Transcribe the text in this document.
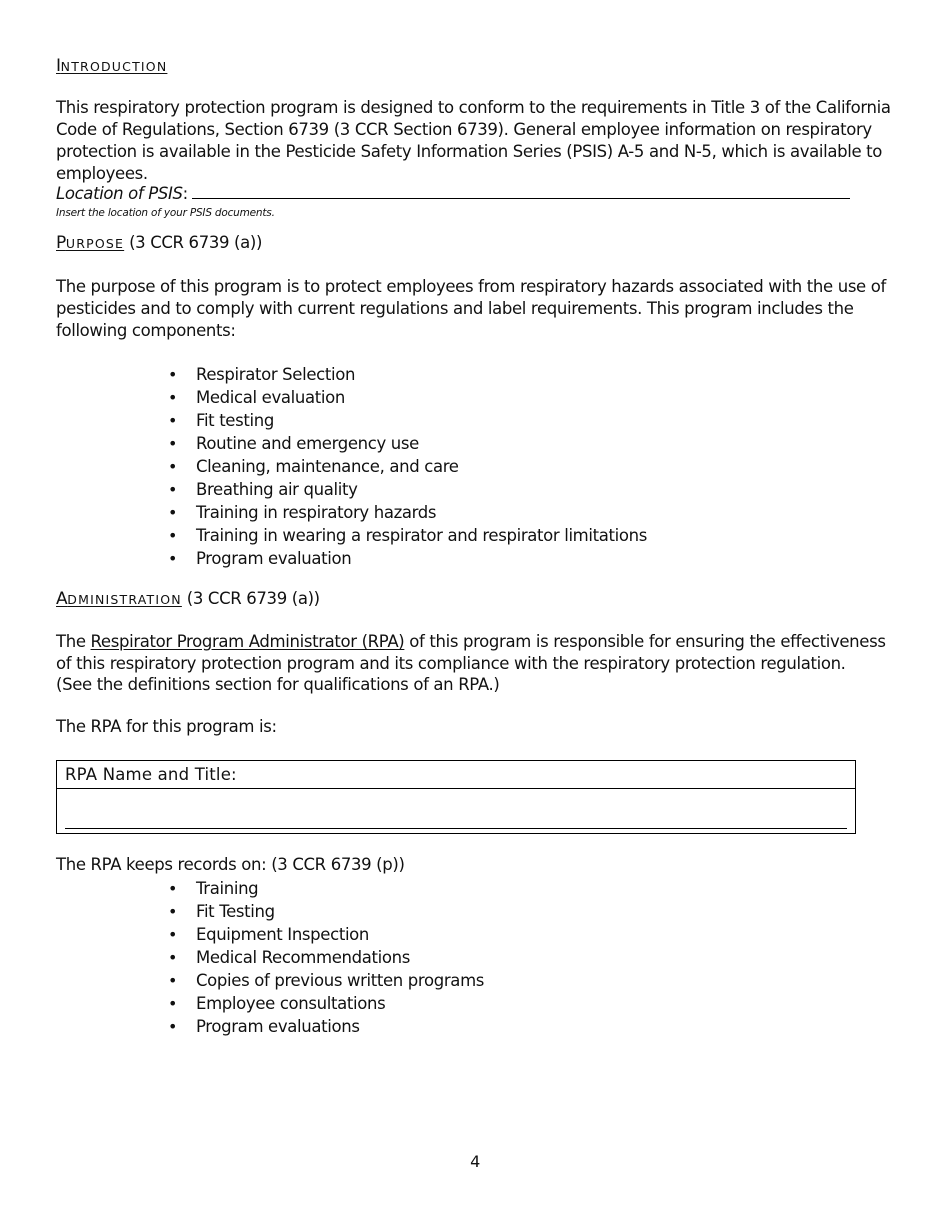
INTRODUCTION

This respiratory protection program is designed to conform to the requirements in Title 3 of the California Code of Regulations, Section 6739 (3 CCR Section 6739). General employee information on respiratory protection is available in the Pesticide Safety Information Series (PSIS) A-5 and N-5, which is available to employees.

Location of PSIS:
Insert the location of your PSIS documents.
PURPOSE (3 CCR 6739 (a))

The purpose of this program is to protect employees from respiratory hazards associated with the use of pesticides and to comply with current regulations and label requirements. This program includes the following components:

• Respirator Selection
• Medical evaluation
• Fit testing
• Routine and emergency use
• Cleaning, maintenance, and care
• Breathing air quality
• Training in respiratory hazards
• Training in wearing a respirator and respirator limitations
• Program evaluation
ADMINISTRATION (3 CCR 6739 (a))

The Respirator Program Administrator (RPA) of this program is responsible for ensuring the effectiveness of this respiratory protection program and its compliance with the respiratory protection regulation.

(See the definitions section for qualifications of an RPA.)

The RPA for this program is:

RPA Name and Title:

The RPA keeps records on: (3 CCR 6739 (p))

• Training
• Fit Testing
• Equipment Inspection
• Medical Recommendations
• Copies of previous written programs
• Employee consultations
• Program evaluations
4
